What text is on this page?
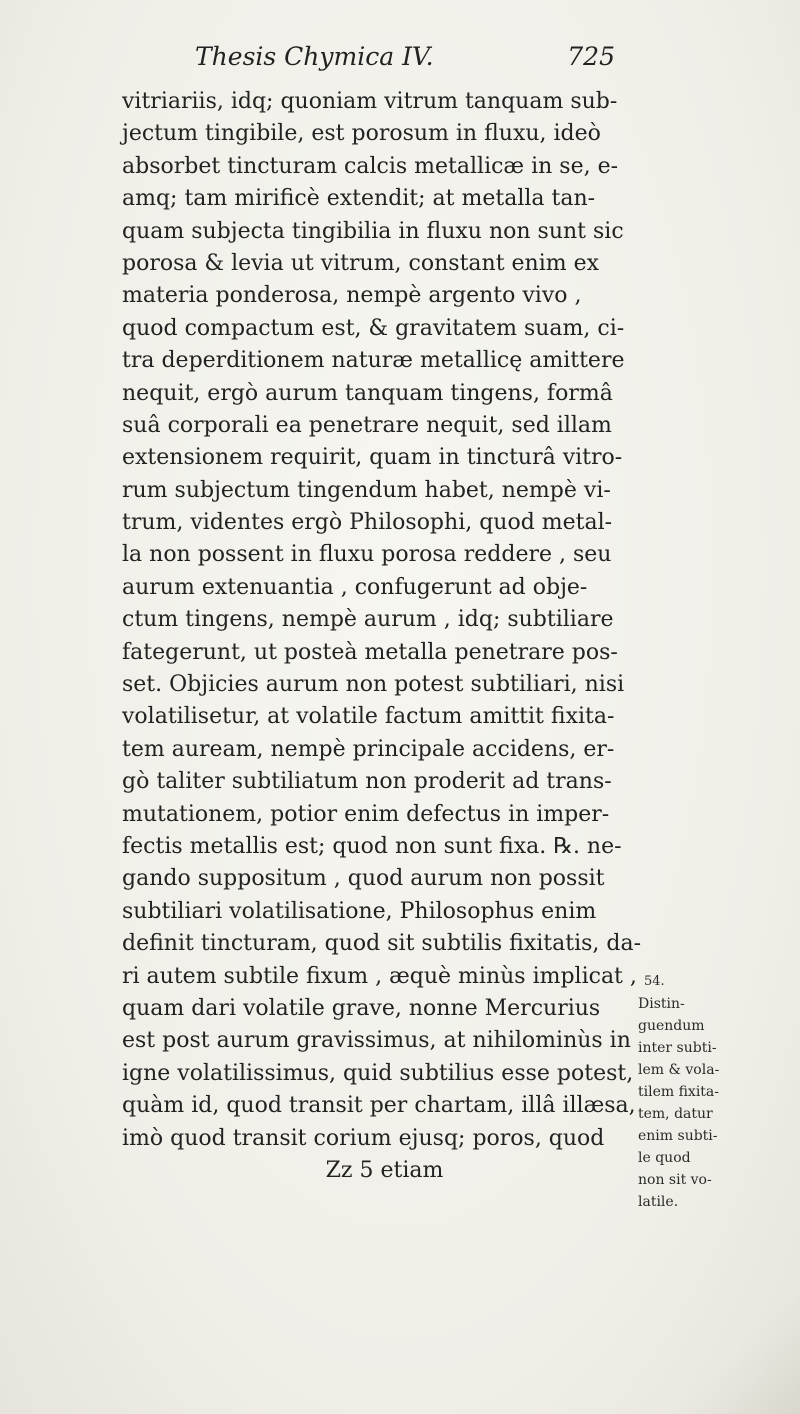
Thesis Chymica IV.	725
vitriariis, idq; quoniam vitrum tanquam sub-
jectum tingibile, est porosum in fluxu, ideò
absorbet tincturam calcis metallicæ in se, e-
amq; tam mirificè extendit; at metalla tan-
quam subjecta tingibilia in fluxu non sunt sic
porosa & levia ut vitrum, constant enim ex
materia ponderosa, nempè argento vivo ,
quod compactum est, & gravitatem suam, ci-
tra deperditionem naturæ metallicę amittere
nequit, ergò aurum tanquam tingens, formâ
suâ corporali ea penetrare nequit, sed illam
extensionem requirit, quam in tincturâ vitro-
rum subjectum tingendum habet, nempè vi-
trum, videntes ergò Philosophi, quod metal-
la non possent in fluxu porosa reddere , seu
aurum extenuantia , confugerunt ad obje-
ctum tingens, nempè aurum , idq; subtiliare
fategerunt, ut posteà metalla penetrare pos-
set. Objicies aurum non potest subtiliari, nisi
volatilisetur, at volatile factum amittit fixita-
tem auream, nempè principale accidens, er-
gò taliter subtiliatum non proderit ad trans-
mutationem, potior enim defectus in imper-
fectis metallis est; quod non sunt fixa. ℞. ne-
gando suppositum , quod aurum non possit
subtiliari volatilisatione, Philosophus enim
definit tincturam, quod sit subtilis fixitatis, da-
ri autem subtile fixum , æquè minùs implicat ,
quam dari volatile grave, nonne Mercurius
est post aurum gravissimus, at nihilominùs in
igne volatilissimus, quid subtilius esse potest,
quàm id, quod transit per chartam, illâ illæsa,
imò quod transit corium ejusq; poros, quod
Zz 5 etiam
54.
Distin-
guendum
inter subti-
lem & vola-
tilem fixita-
tem, datur
enim subti-
le quod
non sit vo-
latile.
